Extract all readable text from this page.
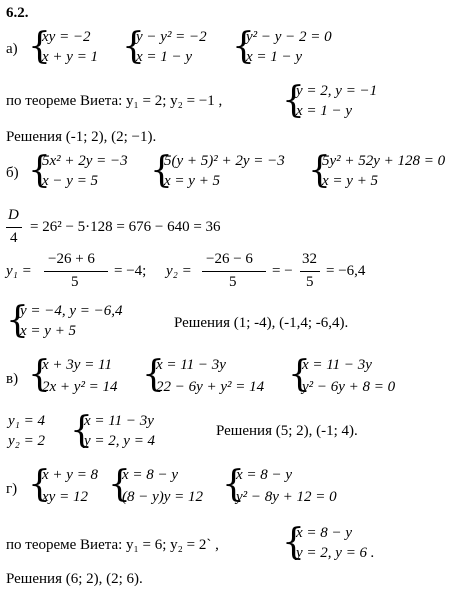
6.2.
а) {
xy = −2
x + y = 1 {
y − y² = −2
x = 1 − y {
y² − y − 2 = 0
x = 1 − y
по теореме Виета: y₁ = 2; y₂ = −1 , {
y = 2, y = −1
x = 1 − y
Решения (-1; 2), (2; −1).
б) {
5x² + 2y = −3
x − y = 5 {
5(y + 5)² + 2y = −3
x = y + 5 {
5y² + 52y + 128 = 0
x = y + 5
D
4
= 26² − 5·128 = 676 − 640 = 36
y₁ =
−26 + 6
5
= −4; y₂ =
−26 − 6
5
= −
32
5
= −6,4
{
y = −4, y = −6,4
x = y + 5	Решения (1; -4), (-1,4; -6,4).
в) {
x + 3y = 11
2x + y² = 14 {
x = 11 − 3y
22 − 6y + y² = 14 {
x = 11 − 3y
y² − 6y + 8 = 0
y₁ = 4
y₂ = 2 {
x = 11 − 3y
y = 2, y = 4
Решения (5; 2), (-1; 4).
г) {
x + y = 8
xy = 12 {
x = 8 − y
(8 − y)y = 12 {
x = 8 − y
y² − 8y + 12 = 0
по теореме Виета: y₁ = 6; y₂ = 2` , {
x = 8 − y
y = 2, y = 6 .
Решения (6; 2), (2; 6).
